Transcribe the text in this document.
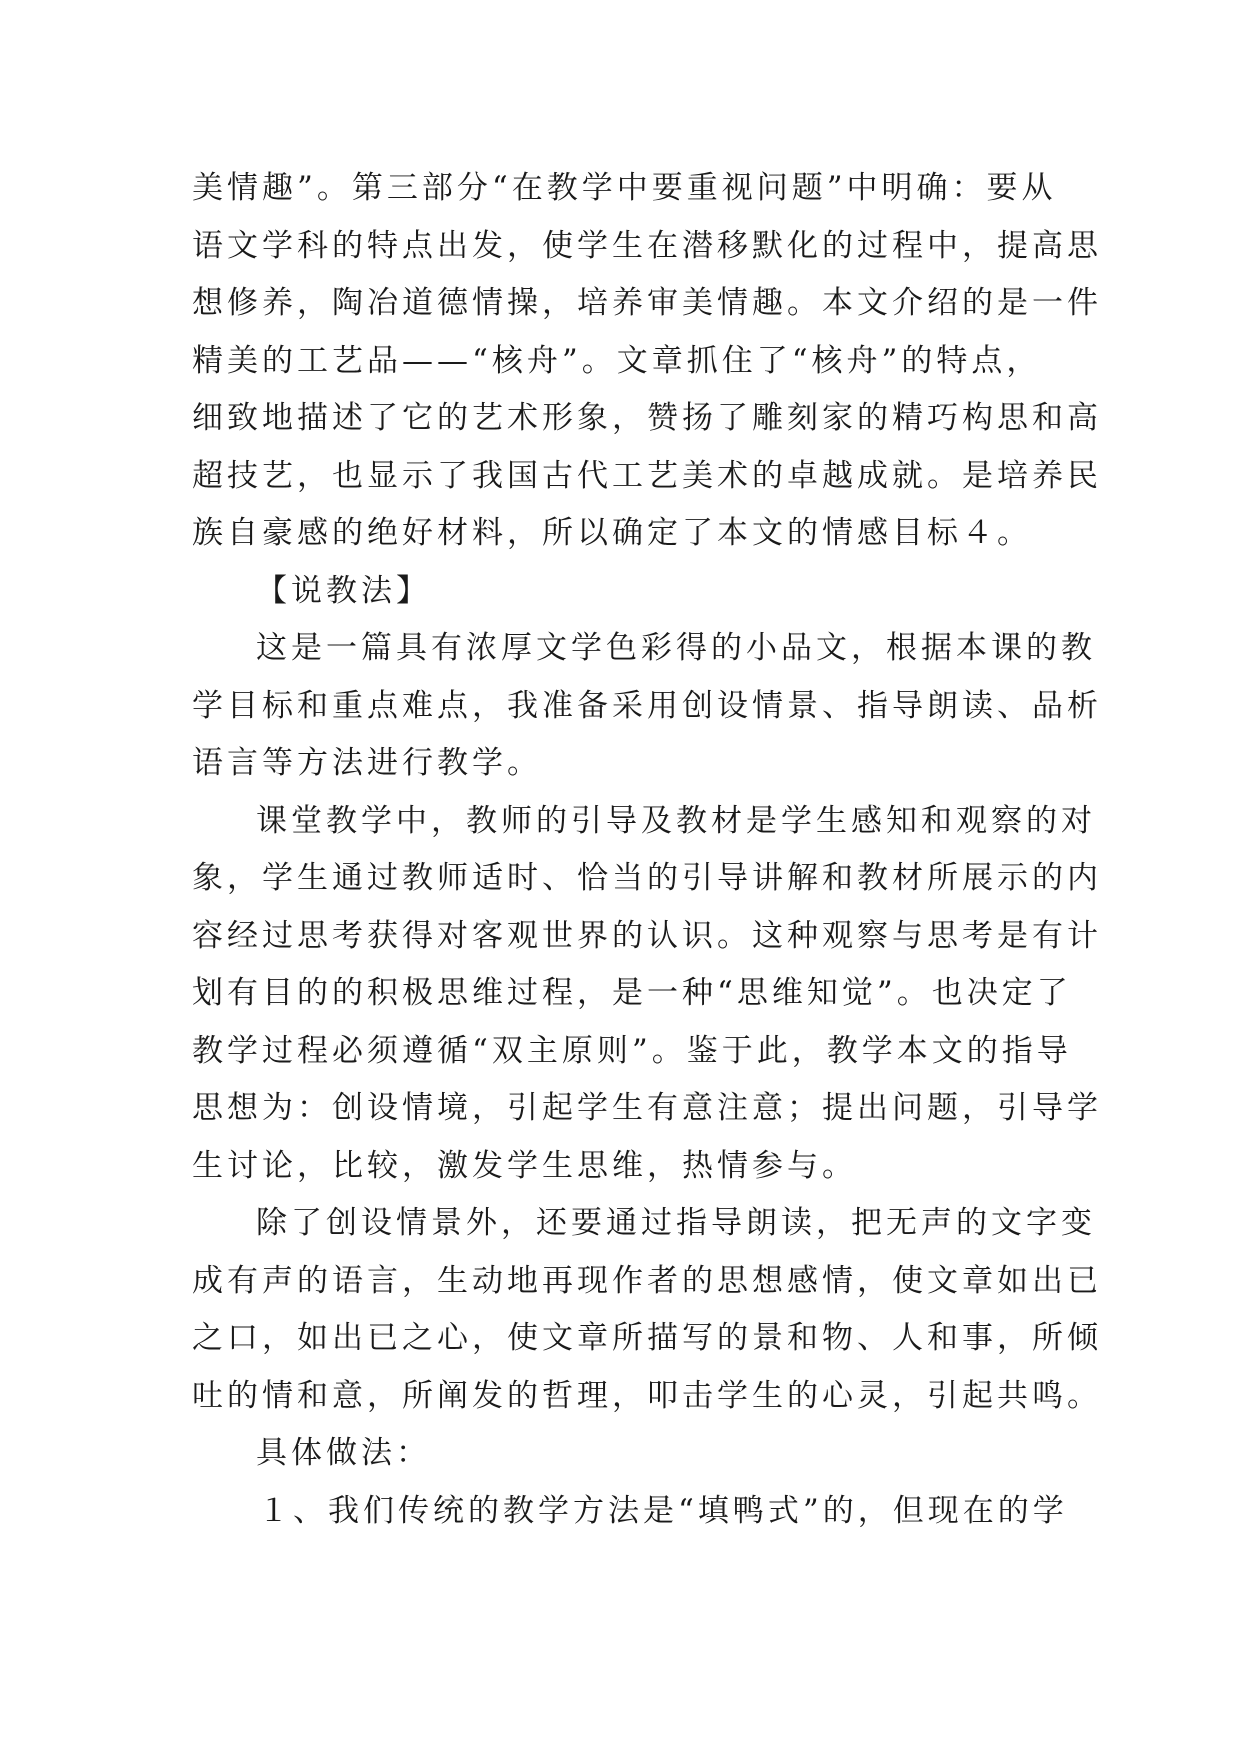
美情趣”。第三部分“在教学中要重视问题”中明确：要从
语文学科的特点出发，使学生在潜移默化的过程中，提高思
想修养，陶冶道德情操，培养审美情趣。本文介绍的是一件
精美的工艺品——“核舟”。文章抓住了“核舟”的特点，
细致地描述了它的艺术形象，赞扬了雕刻家的精巧构思和高
超技艺，也显示了我国古代工艺美术的卓越成就。是培养民
族自豪感的绝好材料，所以确定了本文的情感目标４。
【说教法】
这是一篇具有浓厚文学色彩得的小品文，根据本课的教
学目标和重点难点，我准备采用创设情景、指导朗读、品析
语言等方法进行教学。
课堂教学中，教师的引导及教材是学生感知和观察的对
象，学生通过教师适时、恰当的引导讲解和教材所展示的内
容经过思考获得对客观世界的认识。这种观察与思考是有计
划有目的的积极思维过程，是一种“思维知觉”。也决定了
教学过程必须遵循“双主原则”。鉴于此，教学本文的指导
思想为：创设情境，引起学生有意注意；提出问题，引导学
生讨论，比较，激发学生思维，热情参与。
除了创设情景外，还要通过指导朗读，把无声的文字变
成有声的语言，生动地再现作者的思想感情，使文章如出已
之口，如出已之心，使文章所描写的景和物、人和事，所倾
吐的情和意，所阐发的哲理，叩击学生的心灵，引起共鸣。
具体做法：
１、我们传统的教学方法是“填鸭式”的，但现在的学
